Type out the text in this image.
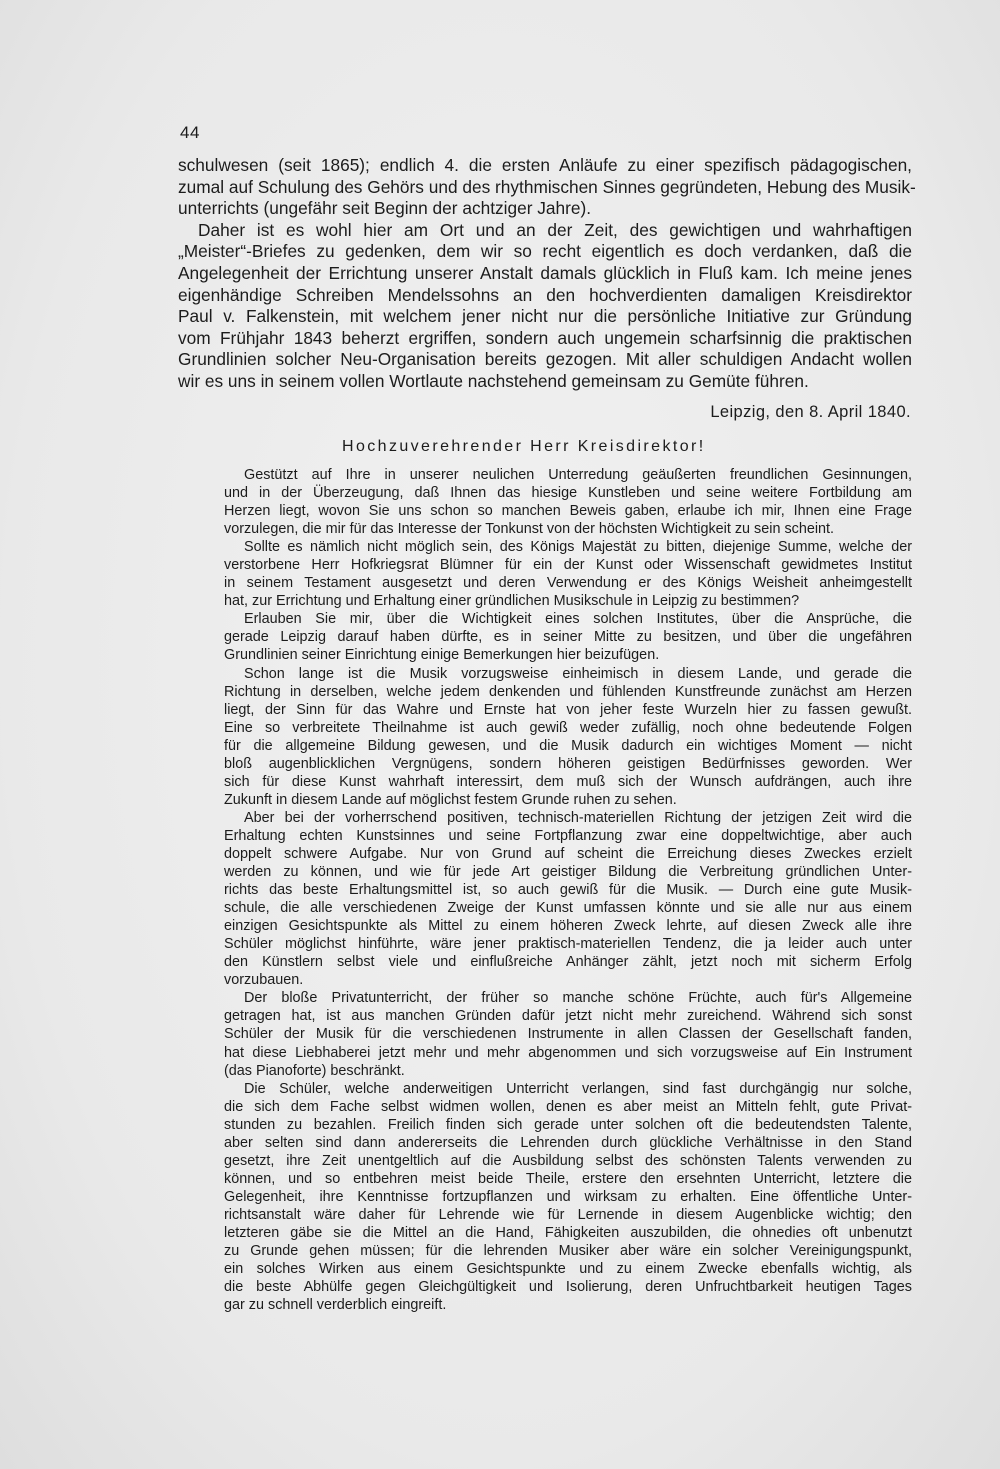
44
schulwesen (seit 1865); endlich 4. die ersten Anläufe zu einer spezifisch pädagogischen,
zumal auf Schulung des Gehörs und des rhythmischen Sinnes gegründeten, Hebung des Musik-
unterrichts (ungefähr seit Beginn der achtziger Jahre).
Daher ist es wohl hier am Ort und an der Zeit, des gewichtigen und wahrhaftigen
„Meister“-Briefes zu gedenken, dem wir so recht eigentlich es doch verdanken, daß die
Angelegenheit der Errichtung unserer Anstalt damals glücklich in Fluß kam. Ich meine jenes
eigenhändige Schreiben Mendelssohns an den hochverdienten damaligen Kreisdirektor
Paul v. Falkenstein, mit welchem jener nicht nur die persönliche Initiative zur Gründung
vom Frühjahr 1843 beherzt ergriffen, sondern auch ungemein scharfsinnig die praktischen
Grundlinien solcher Neu-Organisation bereits gezogen. Mit aller schuldigen Andacht wollen
wir es uns in seinem vollen Wortlaute nachstehend gemeinsam zu Gemüte führen.
Leipzig, den 8. April 1840.
Hochzuverehrender Herr Kreisdirektor!
Gestützt auf Ihre in unserer neulichen Unterredung geäußerten freundlichen Gesinnungen,
und in der Überzeugung, daß Ihnen das hiesige Kunstleben und seine weitere Fortbildung am
Herzen liegt, wovon Sie uns schon so manchen Beweis gaben, erlaube ich mir, Ihnen eine Frage
vorzulegen, die mir für das Interesse der Tonkunst von der höchsten Wichtigkeit zu sein scheint.
Sollte es nämlich nicht möglich sein, des Königs Majestät zu bitten, diejenige Summe, welche der
verstorbene Herr Hofkriegsrat Blümner für ein der Kunst oder Wissenschaft gewidmetes Institut
in seinem Testament ausgesetzt und deren Verwendung er des Königs Weisheit anheimgestellt
hat, zur Errichtung und Erhaltung einer gründlichen Musikschule in Leipzig zu bestimmen?
Erlauben Sie mir, über die Wichtigkeit eines solchen Institutes, über die Ansprüche, die
gerade Leipzig darauf haben dürfte, es in seiner Mitte zu besitzen, und über die ungefähren
Grundlinien seiner Einrichtung einige Bemerkungen hier beizufügen.
Schon lange ist die Musik vorzugsweise einheimisch in diesem Lande, und gerade die
Richtung in derselben, welche jedem denkenden und fühlenden Kunstfreunde zunächst am Herzen
liegt, der Sinn für das Wahre und Ernste hat von jeher feste Wurzeln hier zu fassen gewußt.
Eine so verbreitete Theilnahme ist auch gewiß weder zufällig, noch ohne bedeutende Folgen
für die allgemeine Bildung gewesen, und die Musik dadurch ein wichtiges Moment — nicht
bloß augenblicklichen Vergnügens, sondern höheren geistigen Bedürfnisses geworden. Wer
sich für diese Kunst wahrhaft interessirt, dem muß sich der Wunsch aufdrängen, auch ihre
Zukunft in diesem Lande auf möglichst festem Grunde ruhen zu sehen.
Aber bei der vorherrschend positiven, technisch-materiellen Richtung der jetzigen Zeit wird die
Erhaltung echten Kunstsinnes und seine Fortpflanzung zwar eine doppeltwichtige, aber auch
doppelt schwere Aufgabe. Nur von Grund auf scheint die Erreichung dieses Zweckes erzielt
werden zu können, und wie für jede Art geistiger Bildung die Verbreitung gründlichen Unter-
richts das beste Erhaltungsmittel ist, so auch gewiß für die Musik. — Durch eine gute Musik-
schule, die alle verschiedenen Zweige der Kunst umfassen könnte und sie alle nur aus einem
einzigen Gesichtspunkte als Mittel zu einem höheren Zweck lehrte, auf diesen Zweck alle ihre
Schüler möglichst hinführte, wäre jener praktisch-materiellen Tendenz, die ja leider auch unter
den Künstlern selbst viele und einflußreiche Anhänger zählt, jetzt noch mit sicherm Erfolg
vorzubauen.
Der bloße Privatunterricht, der früher so manche schöne Früchte, auch für's Allgemeine
getragen hat, ist aus manchen Gründen dafür jetzt nicht mehr zureichend. Während sich sonst
Schüler der Musik für die verschiedenen Instrumente in allen Classen der Gesellschaft fanden,
hat diese Liebhaberei jetzt mehr und mehr abgenommen und sich vorzugsweise auf Ein Instrument
(das Pianoforte) beschränkt.
Die Schüler, welche anderweitigen Unterricht verlangen, sind fast durchgängig nur solche,
die sich dem Fache selbst widmen wollen, denen es aber meist an Mitteln fehlt, gute Privat-
stunden zu bezahlen. Freilich finden sich gerade unter solchen oft die bedeutendsten Talente,
aber selten sind dann andererseits die Lehrenden durch glückliche Verhältnisse in den Stand
gesetzt, ihre Zeit unentgeltlich auf die Ausbildung selbst des schönsten Talents verwenden zu
können, und so entbehren meist beide Theile, erstere den ersehnten Unterricht, letztere die
Gelegenheit, ihre Kenntnisse fortzupflanzen und wirksam zu erhalten. Eine öffentliche Unter-
richtsanstalt wäre daher für Lehrende wie für Lernende in diesem Augenblicke wichtig; den
letzteren gäbe sie die Mittel an die Hand, Fähigkeiten auszubilden, die ohnedies oft unbenutzt
zu Grunde gehen müssen; für die lehrenden Musiker aber wäre ein solcher Vereinigungspunkt,
ein solches Wirken aus einem Gesichtspunkte und zu einem Zwecke ebenfalls wichtig, als
die beste Abhülfe gegen Gleichgültigkeit und Isolierung, deren Unfruchtbarkeit heutigen Tages
gar zu schnell verderblich eingreift.
